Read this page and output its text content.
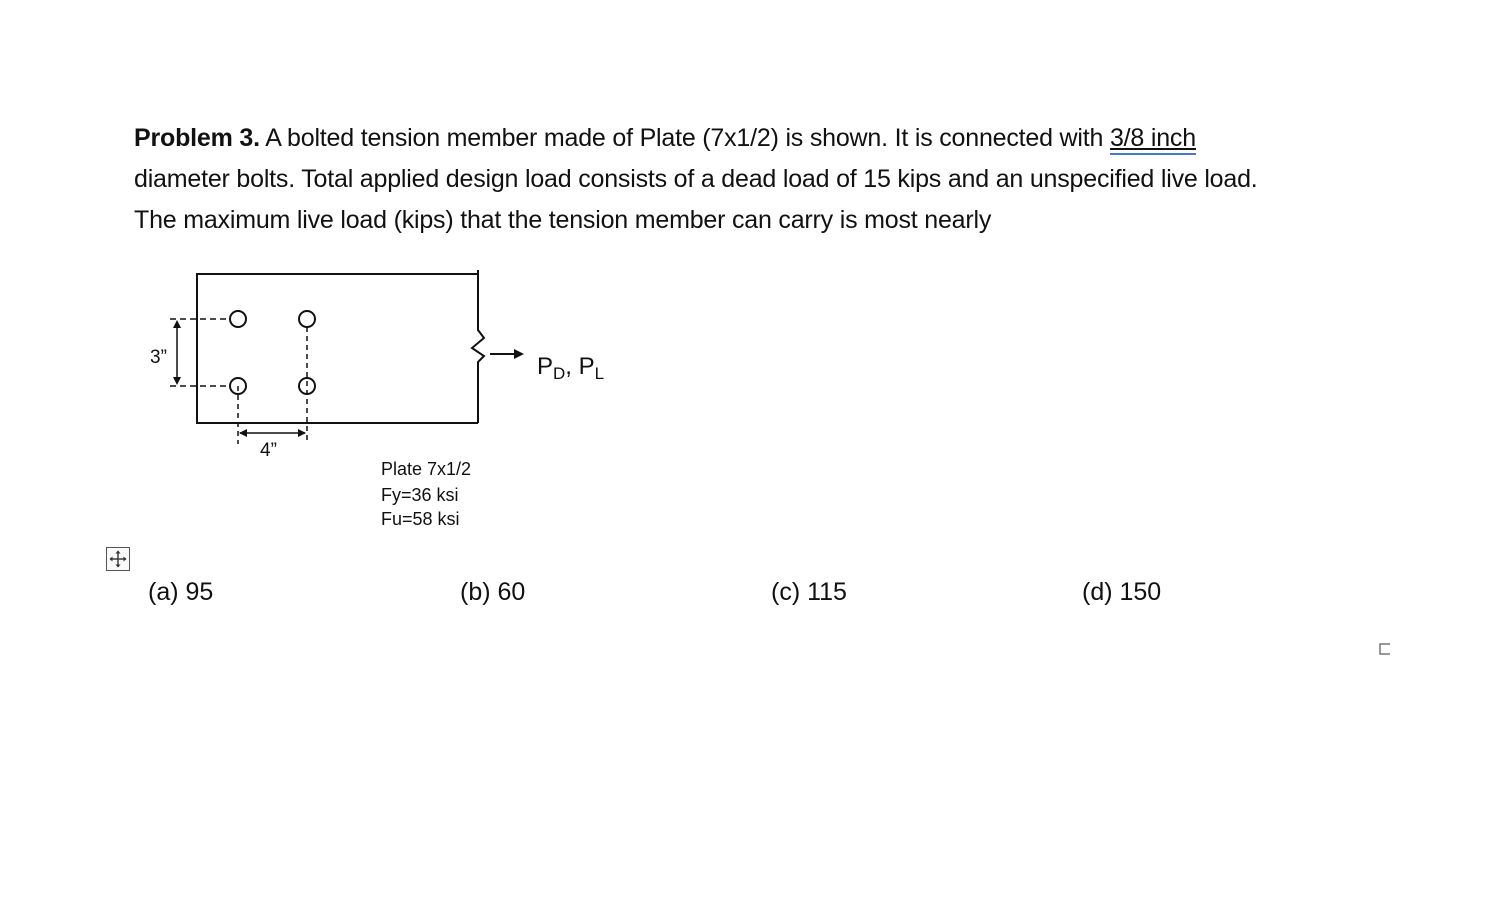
Problem 3. A bolted tension member made of Plate (7x1/2) is shown. It is connected with 3/8 inch
diameter bolts. Total applied design load consists of a dead load of 15 kips and an unspecified live load.
The maximum live load (kips) that the tension member can carry is most nearly
3”
4”
$P_D$, $P_L$
Plate 7x1/2
Fy=36 ksi
Fu=58 ksi
(a) 95	(b) 60	(c) 115	(d) 150
